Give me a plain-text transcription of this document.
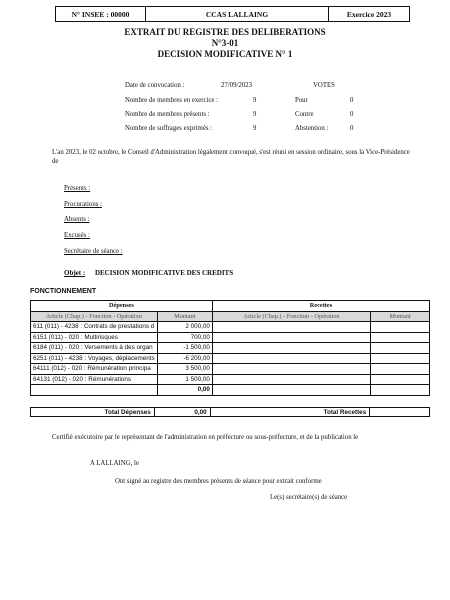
N° INSEE : 00000	CCAS LALLAING	Exercice 2023
EXTRAIT DU REGISTRE DES DELIBERATIONS
N°3-01
DECISION MODIFICATIVE N° 1
Date de convocation :	27/09/2023	VOTES
Nombre de membres en exercice :	9	Pour	0
Nombre de membres présents :	9	Contre	0
Nombre de suffrages exprimés :	9	Abstention :	0
L'an 2023, le 02 octobre, le Conseil d'Administration légalement convoqué, s'est réuni en session ordinaire, sous la Vice-Présidence de
Présents :
Procurations :
Absents :
Excusés :
Secrétaire de séance :
Objet : DECISION MODIFICATIVE DES CREDITS
FONCTIONNEMENT
Dépenses		Recettes	
Article (Chap.) - Fonction - Opération	Montant	Article (Chap.) - Fonction - Opération	Montant
611 (011) - 4238 : Contrats de prestations d	2 000,00		
6151 (011) - 020 : Multirisques	700,00		
6184 (011) - 020 : Versements à des organ	-1 500,00		
6251 (011) - 4238 : Voyages, déplacements	-6 200,00		
64111 (012) - 020 : Rémunération principa	3 500,00		
64131 (012) - 020 : Rémunérations	1 500,00		
	0,00		
Total Dépenses	0,00	Total Recettes	
Certifié exécutoire par le représentant de l'administration en préfecture ou sous-préfecture, et de la publication le
A LALLAING, le
Ont signé au registre des membres présents de séance pour extrait conforme
Le(s) secrétaire(s) de séance
